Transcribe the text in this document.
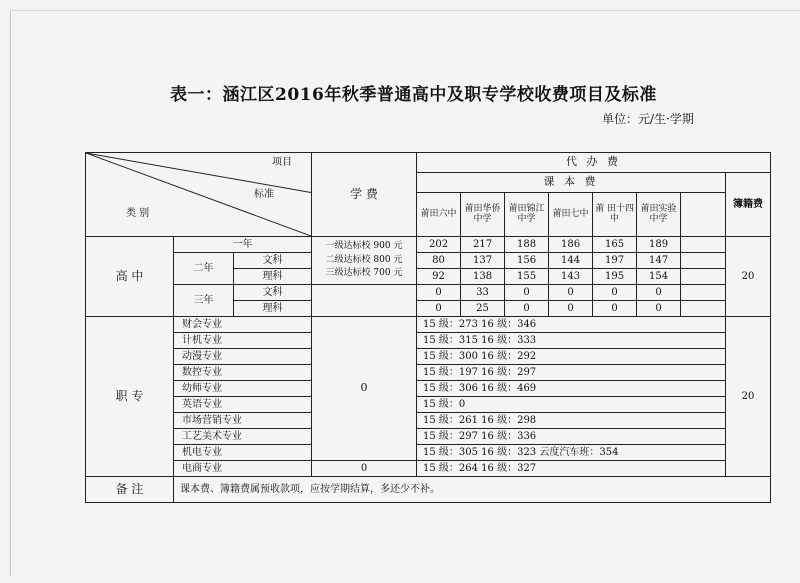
表一：涵江区2016年秋季普通高中及职专学校收费项目及标准
单位：元/生·学期
项目
标准
类 别			学 费	代 办 费							
				课 本 费							簿籍费
				莆田六中	莆田华侨中学	莆田锦江中学	莆田七中	莆 田十四中	莆田实验中学		
高 中	一年		一级达标校 900 元
二级达标校 800 元
三级达标校 700 元	202	217	188	186	165	189		20
	二年	文科		80	137	156	144	197	147		
		理科		92	138	155	143	195	154		
	三年	文科		0	33	0	0	0	0		
		理科		0	25	0	0	0	0		
职 专	财会专业		0	15 级：273 16 级：346							20
	计机专业			15 级：315 16 级：333							
	动漫专业			15 级：300 16 级：292							
	数控专业			15 级：197 16 级：297							
	幼师专业			15 级：306 16 级：469							
	英语专业			15 级：0							
	市场营销专业			15 级：261 16 级：298							
	工艺美术专业			15 级：297 16 级：336							
	机电专业			15 级：305 16 级：323 云度汽车班：354							
	电商专业		0	15 级：264 16 级：327							
备 注	课本费、簿籍费属预收款项，应按学期结算，多还少不补。										
